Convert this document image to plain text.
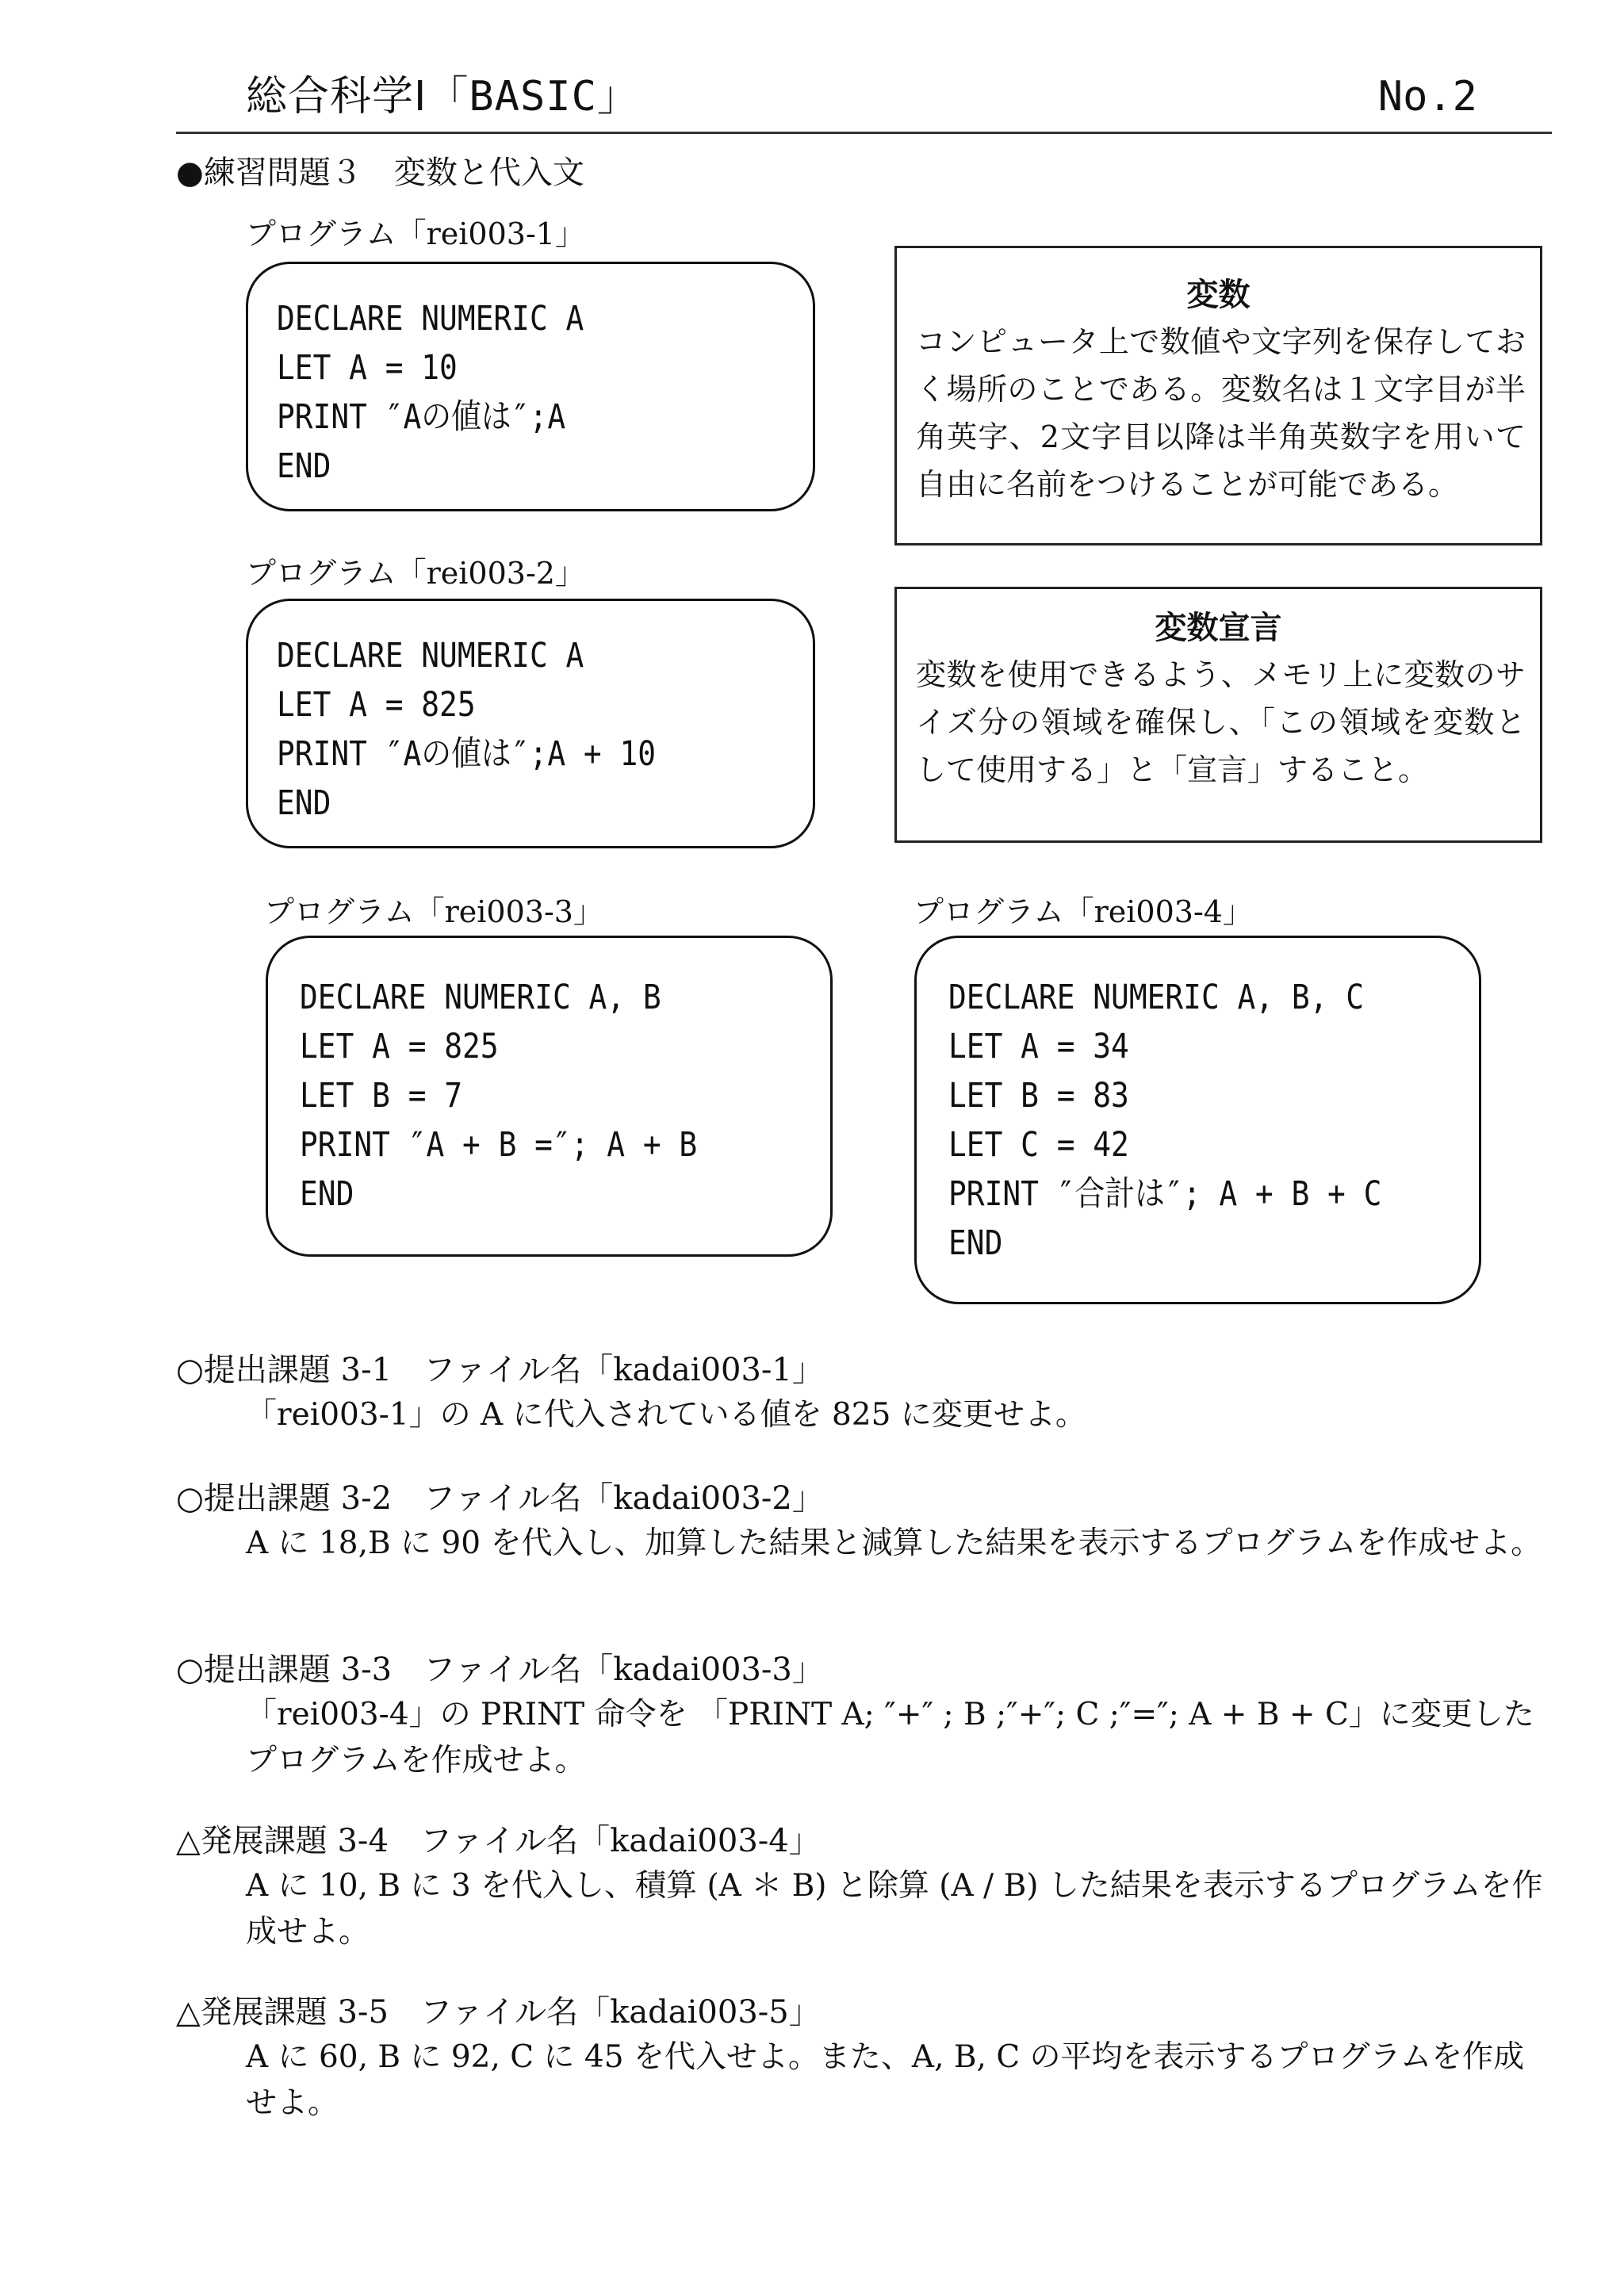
総合科学Ⅰ「BASIC」	No.2
●練習問題３　変数と代入文
プログラム「rei003-1」
DECLARE NUMERIC A
LET A = 10
PRINT ″Aの値は″;A
END
変数
コンピュータ上で数値や文字列を保存しておく場所のことである。変数名は１文字目が半角英字、2文字目以降は半角英数字を用いて自由に名前をつけることが可能である。
プログラム「rei003-2」
DECLARE NUMERIC A
LET A = 825
PRINT ″Aの値は″;A + 10
END
変数宣言
変数を使用できるよう、メモリ上に変数のサイズ分の領域を確保し、「この領域を変数として使用する」と「宣言」すること。
プログラム「rei003-3」
DECLARE NUMERIC A, B
LET A = 825
LET B = 7
PRINT ″A + B =″; A + B
END
プログラム「rei003-4」
DECLARE NUMERIC A, B, C
LET A = 34
LET B = 83
LET C = 42
PRINT ″合計は″; A + B + C
END
○提出課題 3-1　ファイル名「kadai003-1」
「rei003-1」の A に代入されている値を 825 に変更せよ。
○提出課題 3-2　ファイル名「kadai003-2」
A に 18,B に 90 を代入し、加算した結果と減算した結果を表示するプログラムを作成せよ。
○提出課題 3-3　ファイル名「kadai003-3」
「rei003-4」の PRINT 命令を 「PRINT A; ″+″ ; B ;″+″; C ;″=″; A + B + C」に変更したプログラムを作成せよ。
△発展課題 3-4　ファイル名「kadai003-4」
A に 10, B に 3 を代入し、積算 (A ＊ B) と除算 (A / B) した結果を表示するプログラムを作成せよ。
△発展課題 3-5　ファイル名「kadai003-5」
A に 60, B に 92, C に 45 を代入せよ。また、A, B, C の平均を表示するプログラムを作成せよ。
